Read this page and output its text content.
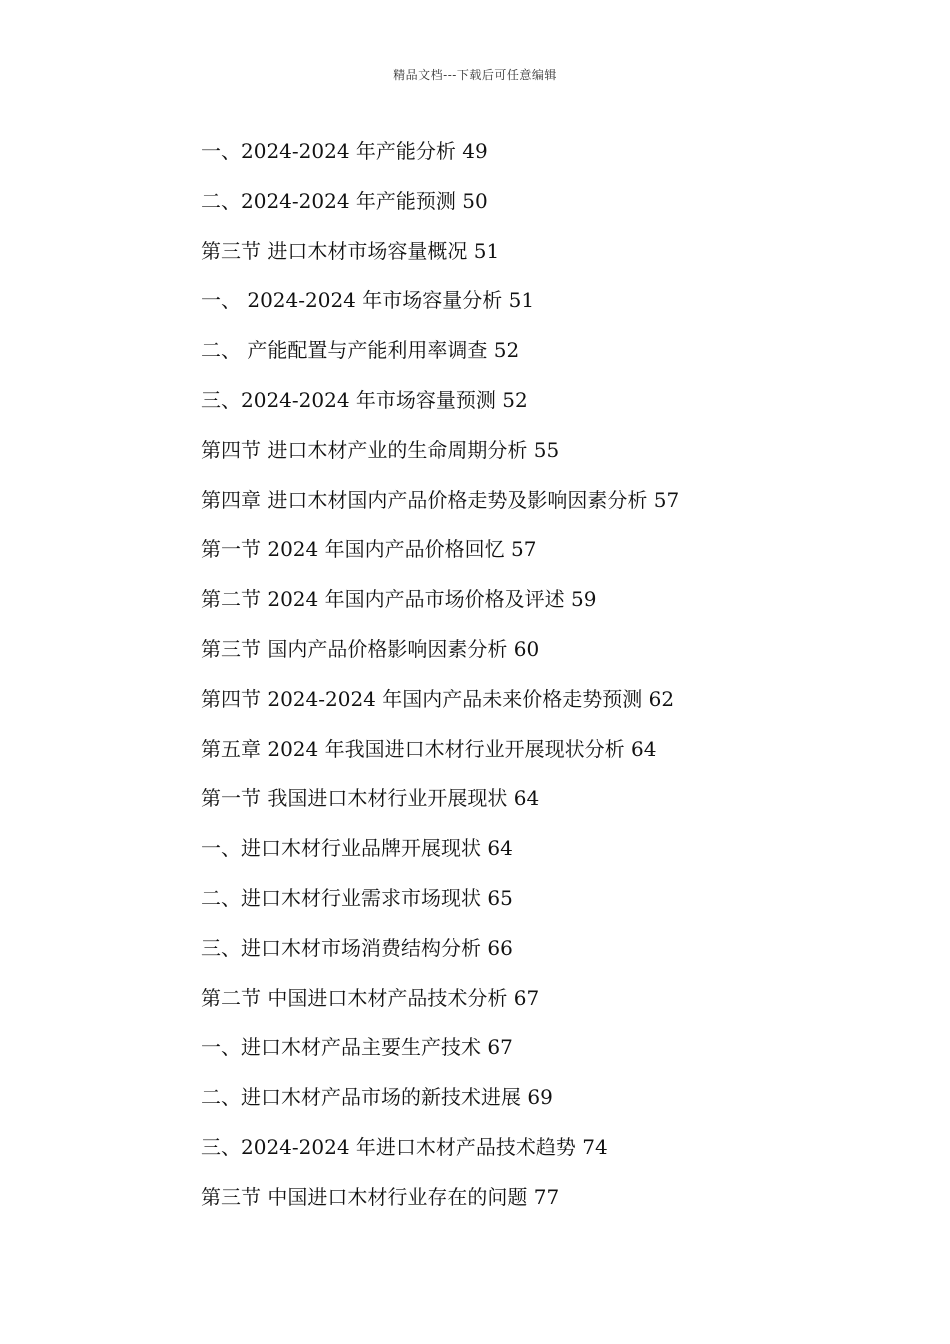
精品文档---下载后可任意编辑
一、2024-2024 年产能分析 49
二、2024-2024 年产能预测 50
第三节 进口木材市场容量概况 51
一、 2024-2024 年市场容量分析 51
二、 产能配置与产能利用率调查 52
三、2024-2024 年市场容量预测 52
第四节 进口木材产业的生命周期分析 55
第四章 进口木材国内产品价格走势及影响因素分析 57
第一节 2024 年国内产品价格回忆 57
第二节 2024 年国内产品市场价格及评述 59
第三节 国内产品价格影响因素分析 60
第四节 2024-2024 年国内产品未来价格走势预测 62
第五章 2024 年我国进口木材行业开展现状分析 64
第一节 我国进口木材行业开展现状 64
一、进口木材行业品牌开展现状 64
二、进口木材行业需求市场现状 65
三、进口木材市场消费结构分析 66
第二节 中国进口木材产品技术分析 67
一、进口木材产品主要生产技术 67
二、进口木材产品市场的新技术进展 69
三、2024-2024 年进口木材产品技术趋势 74
第三节 中国进口木材行业存在的问题 77
